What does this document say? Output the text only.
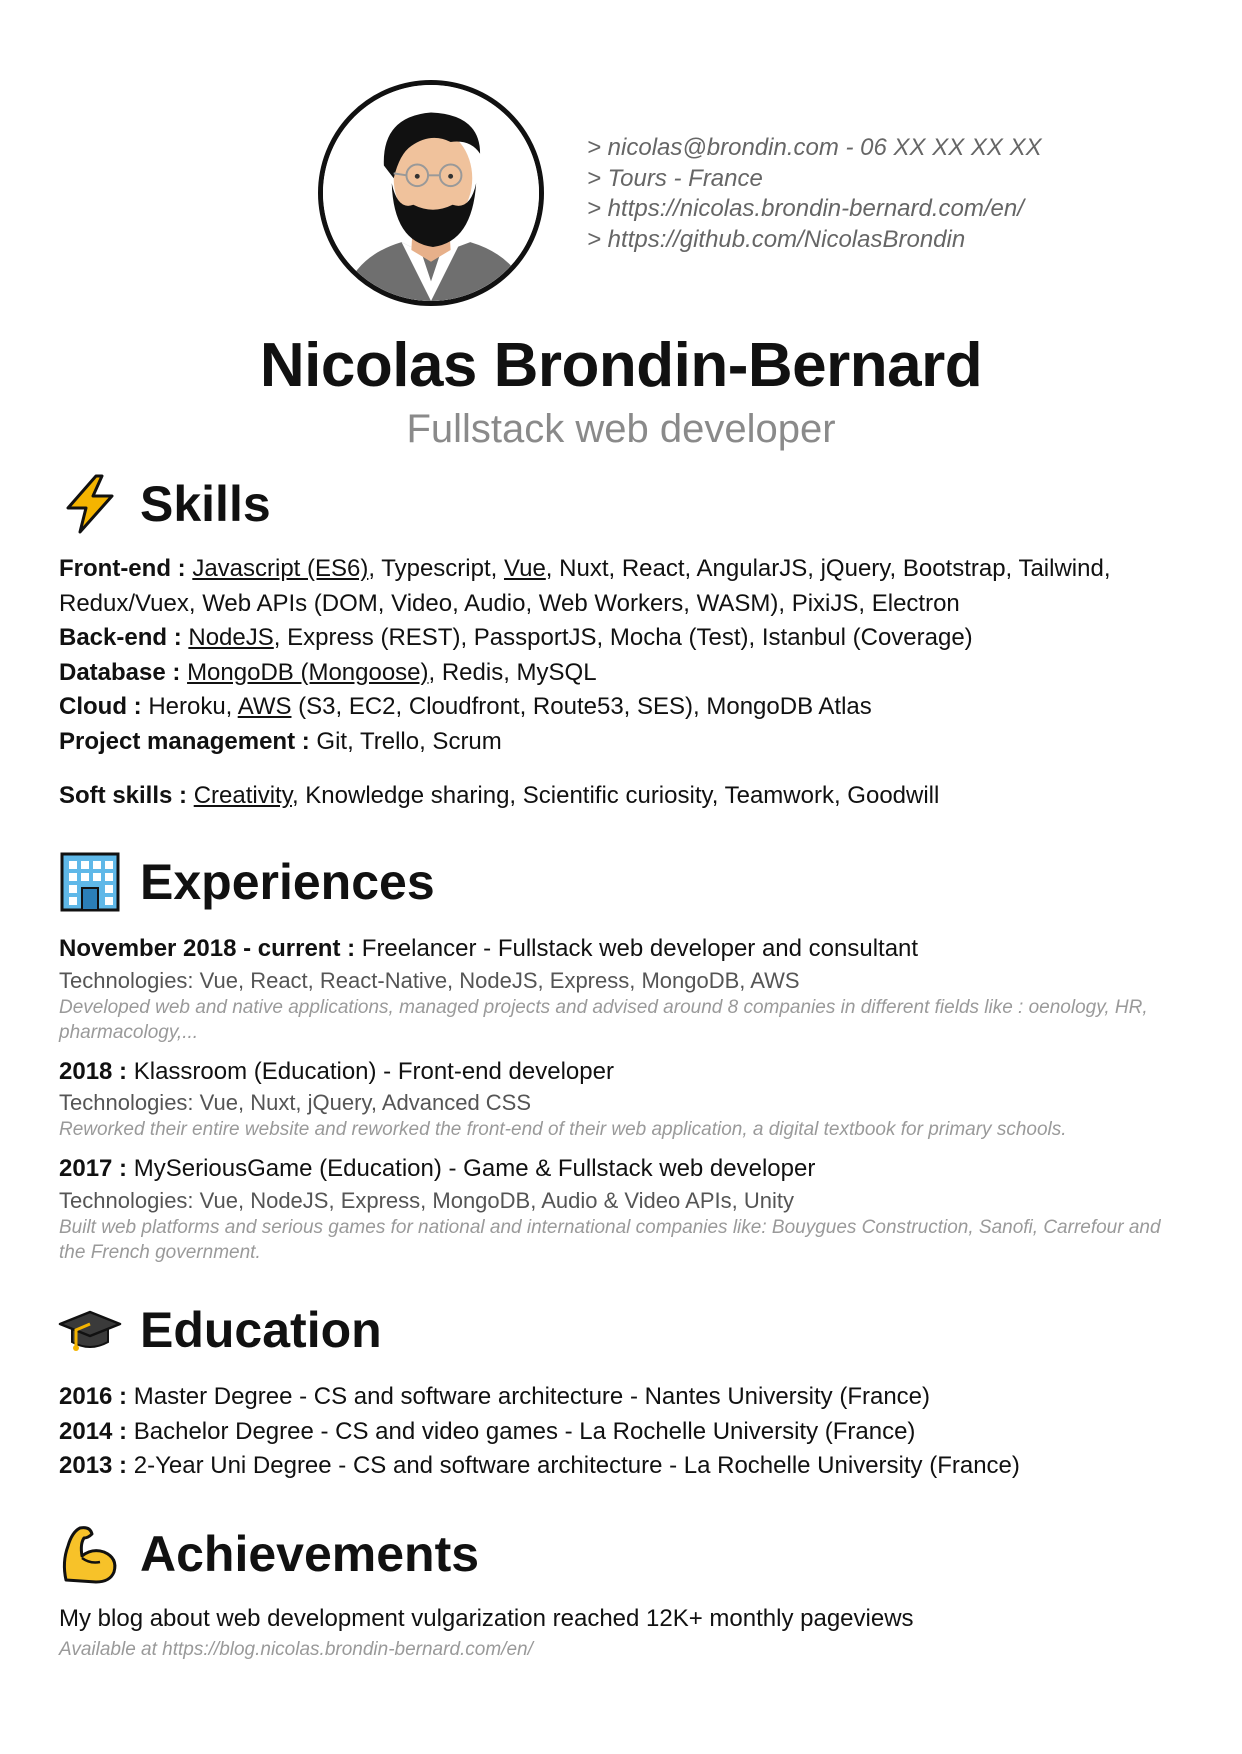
> nicolas@brondin.com - 06 XX XX XX XX
> Tours - France
> https://nicolas.brondin-bernard.com/en/
> https://github.com/NicolasBrondin
Nicolas Brondin-Bernard
Fullstack web developer
Skills
Front-end : Javascript (ES6), Typescript, Vue, Nuxt, React, AngularJS, jQuery, Bootstrap, Tailwind,
Redux/Vuex, Web APIs (DOM, Video, Audio, Web Workers, WASM), PixiJS, Electron
Back-end : NodeJS, Express (REST), PassportJS, Mocha (Test), Istanbul (Coverage)
Database : MongoDB (Mongoose), Redis, MySQL
Cloud : Heroku, AWS (S3, EC2, Cloudfront, Route53, SES), MongoDB Atlas
Project management : Git, Trello, Scrum
Soft skills : Creativity, Knowledge sharing, Scientific curiosity, Teamwork, Goodwill
Experiences
November 2018 - current : Freelancer - Fullstack web developer and consultant
Technologies: Vue, React, React-Native, NodeJS, Express, MongoDB, AWS
Developed web and native applications, managed projects and advised around 8 companies in different fields like : oenology, HR, pharmacology,...
2018 : Klassroom (Education) - Front-end developer
Technologies: Vue, Nuxt, jQuery, Advanced CSS
Reworked their entire website and reworked the front-end of their web application, a digital textbook for primary schools.
2017 : MySeriousGame (Education) - Game & Fullstack web developer
Technologies: Vue, NodeJS, Express, MongoDB, Audio & Video APIs, Unity
Built web platforms and serious games for national and international companies like: Bouygues Construction, Sanofi, Carrefour and the French government.
Education
2016 : Master Degree - CS and software architecture - Nantes University (France)
2014 : Bachelor Degree - CS and video games - La Rochelle University (France)
2013 : 2-Year Uni Degree - CS and software architecture - La Rochelle University (France)
Achievements
My blog about web development vulgarization reached 12K+ monthly pageviews
Available at https://blog.nicolas.brondin-bernard.com/en/
